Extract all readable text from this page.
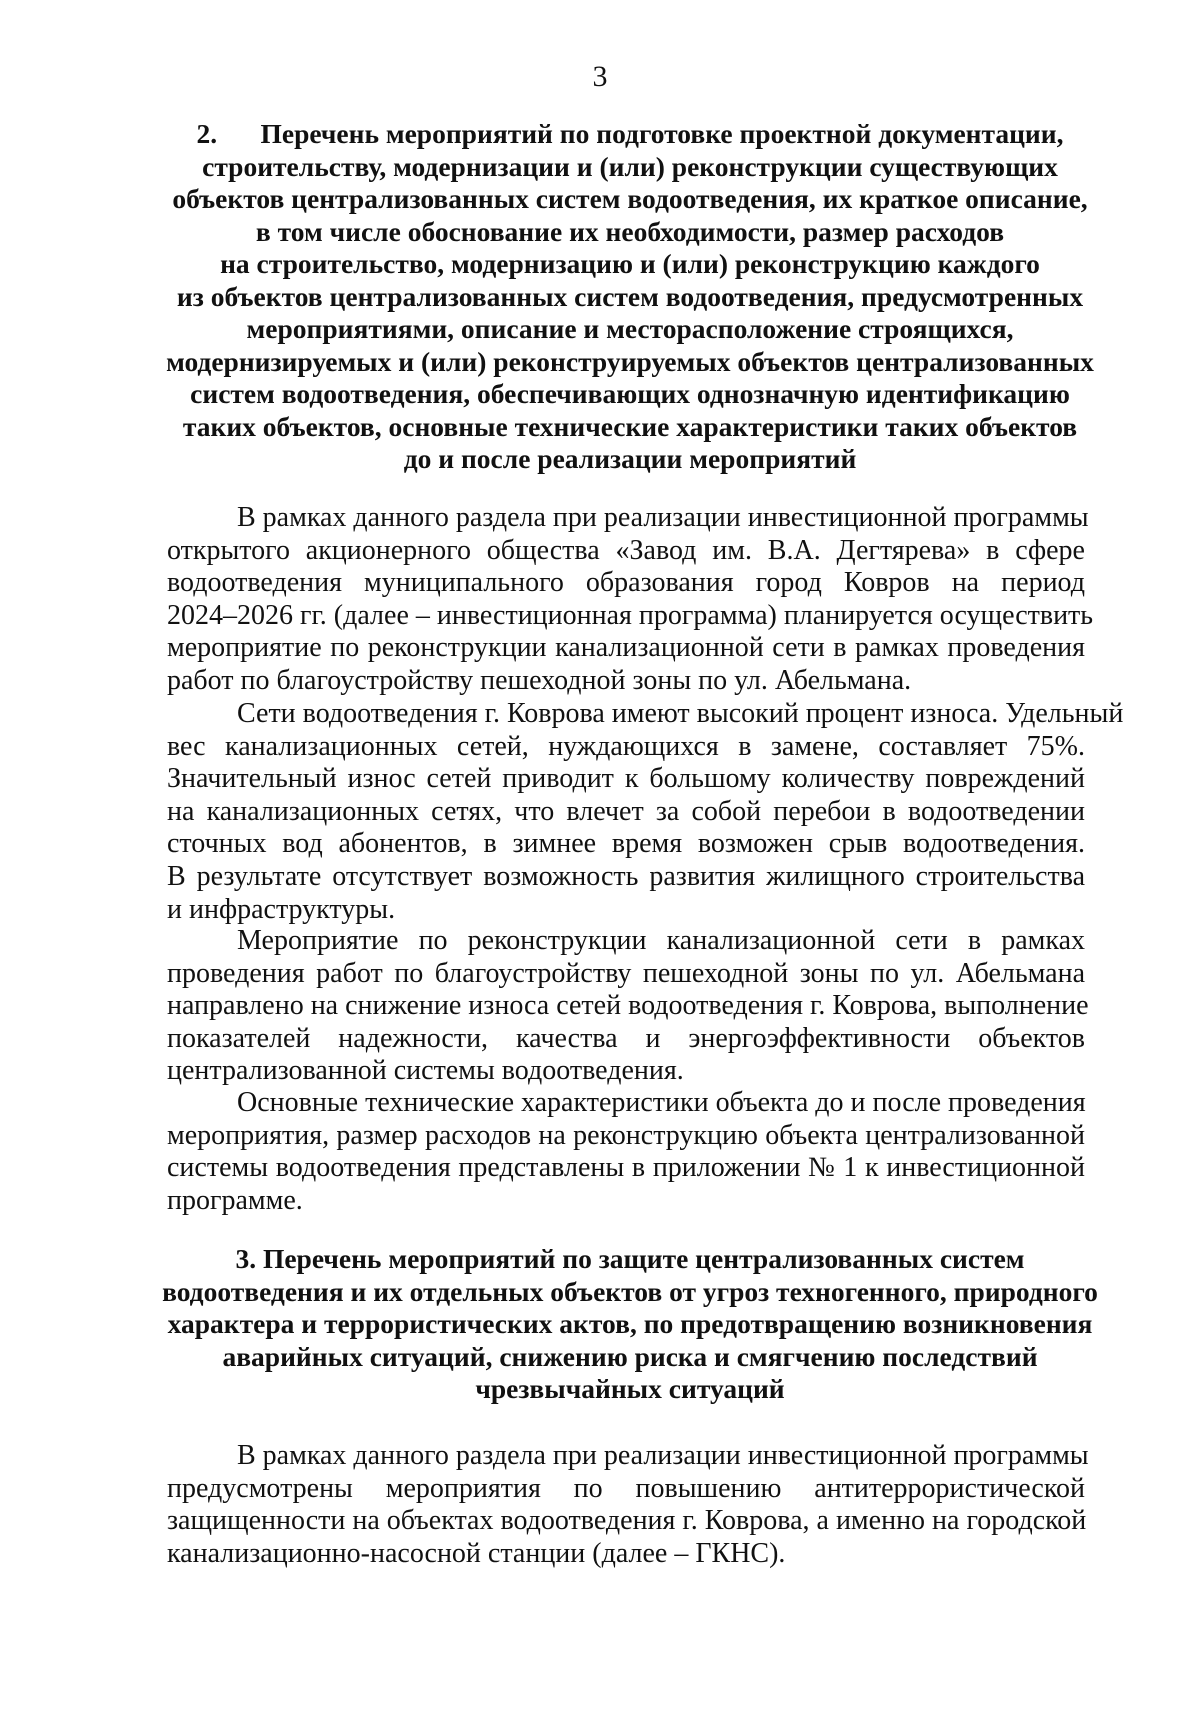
3
2. Перечень мероприятий по подготовке проектной документации,
строительству, модернизации и (или) реконструкции существующих
объектов централизованных систем водоотведения, их краткое описание,
в том числе обоснование их необходимости, размер расходов
на строительство, модернизацию и (или) реконструкцию каждого
из объектов централизованных систем водоотведения, предусмотренных
мероприятиями, описание и месторасположение строящихся,
модернизируемых и (или) реконструируемых объектов централизованных
систем водоотведения, обеспечивающих однозначную идентификацию
таких объектов, основные технические характеристики таких объектов
до и после реализации мероприятий
В рамках данного раздела при реализации инвестиционной программы
открытого акционерного общества «Завод им. В.А. Дегтярева» в сфере
водоотведения муниципального образования город Ковров на период
2024–2026 гг. (далее – инвестиционная программа) планируется осуществить
мероприятие по реконструкции канализационной сети в рамках проведения
работ по благоустройству пешеходной зоны по ул. Абельмана.
Сети водоотведения г. Коврова имеют высокий процент износа. Удельный
вес канализационных сетей, нуждающихся в замене, составляет 75%.
Значительный износ сетей приводит к большому количеству повреждений
на канализационных сетях, что влечет за собой перебои в водоотведении
сточных вод абонентов, в зимнее время возможен срыв водоотведения.
В результате отсутствует возможность развития жилищного строительства
и инфраструктуры.
Мероприятие по реконструкции канализационной сети в рамках
проведения работ по благоустройству пешеходной зоны по ул. Абельмана
направлено на снижение износа сетей водоотведения г. Коврова, выполнение
показателей надежности, качества и энергоэффективности объектов
централизованной системы водоотведения.
Основные технические характеристики объекта до и после проведения
мероприятия, размер расходов на реконструкцию объекта централизованной
системы водоотведения представлены в приложении № 1 к инвестиционной
программе.
3. Перечень мероприятий по защите централизованных систем
водоотведения и их отдельных объектов от угроз техногенного, природного
характера и террористических актов, по предотвращению возникновения
аварийных ситуаций, снижению риска и смягчению последствий
чрезвычайных ситуаций
В рамках данного раздела при реализации инвестиционной программы
предусмотрены мероприятия по повышению антитеррористической
защищенности на объектах водоотведения г. Коврова, а именно на городской
канализационно-насосной станции (далее – ГКНС).
